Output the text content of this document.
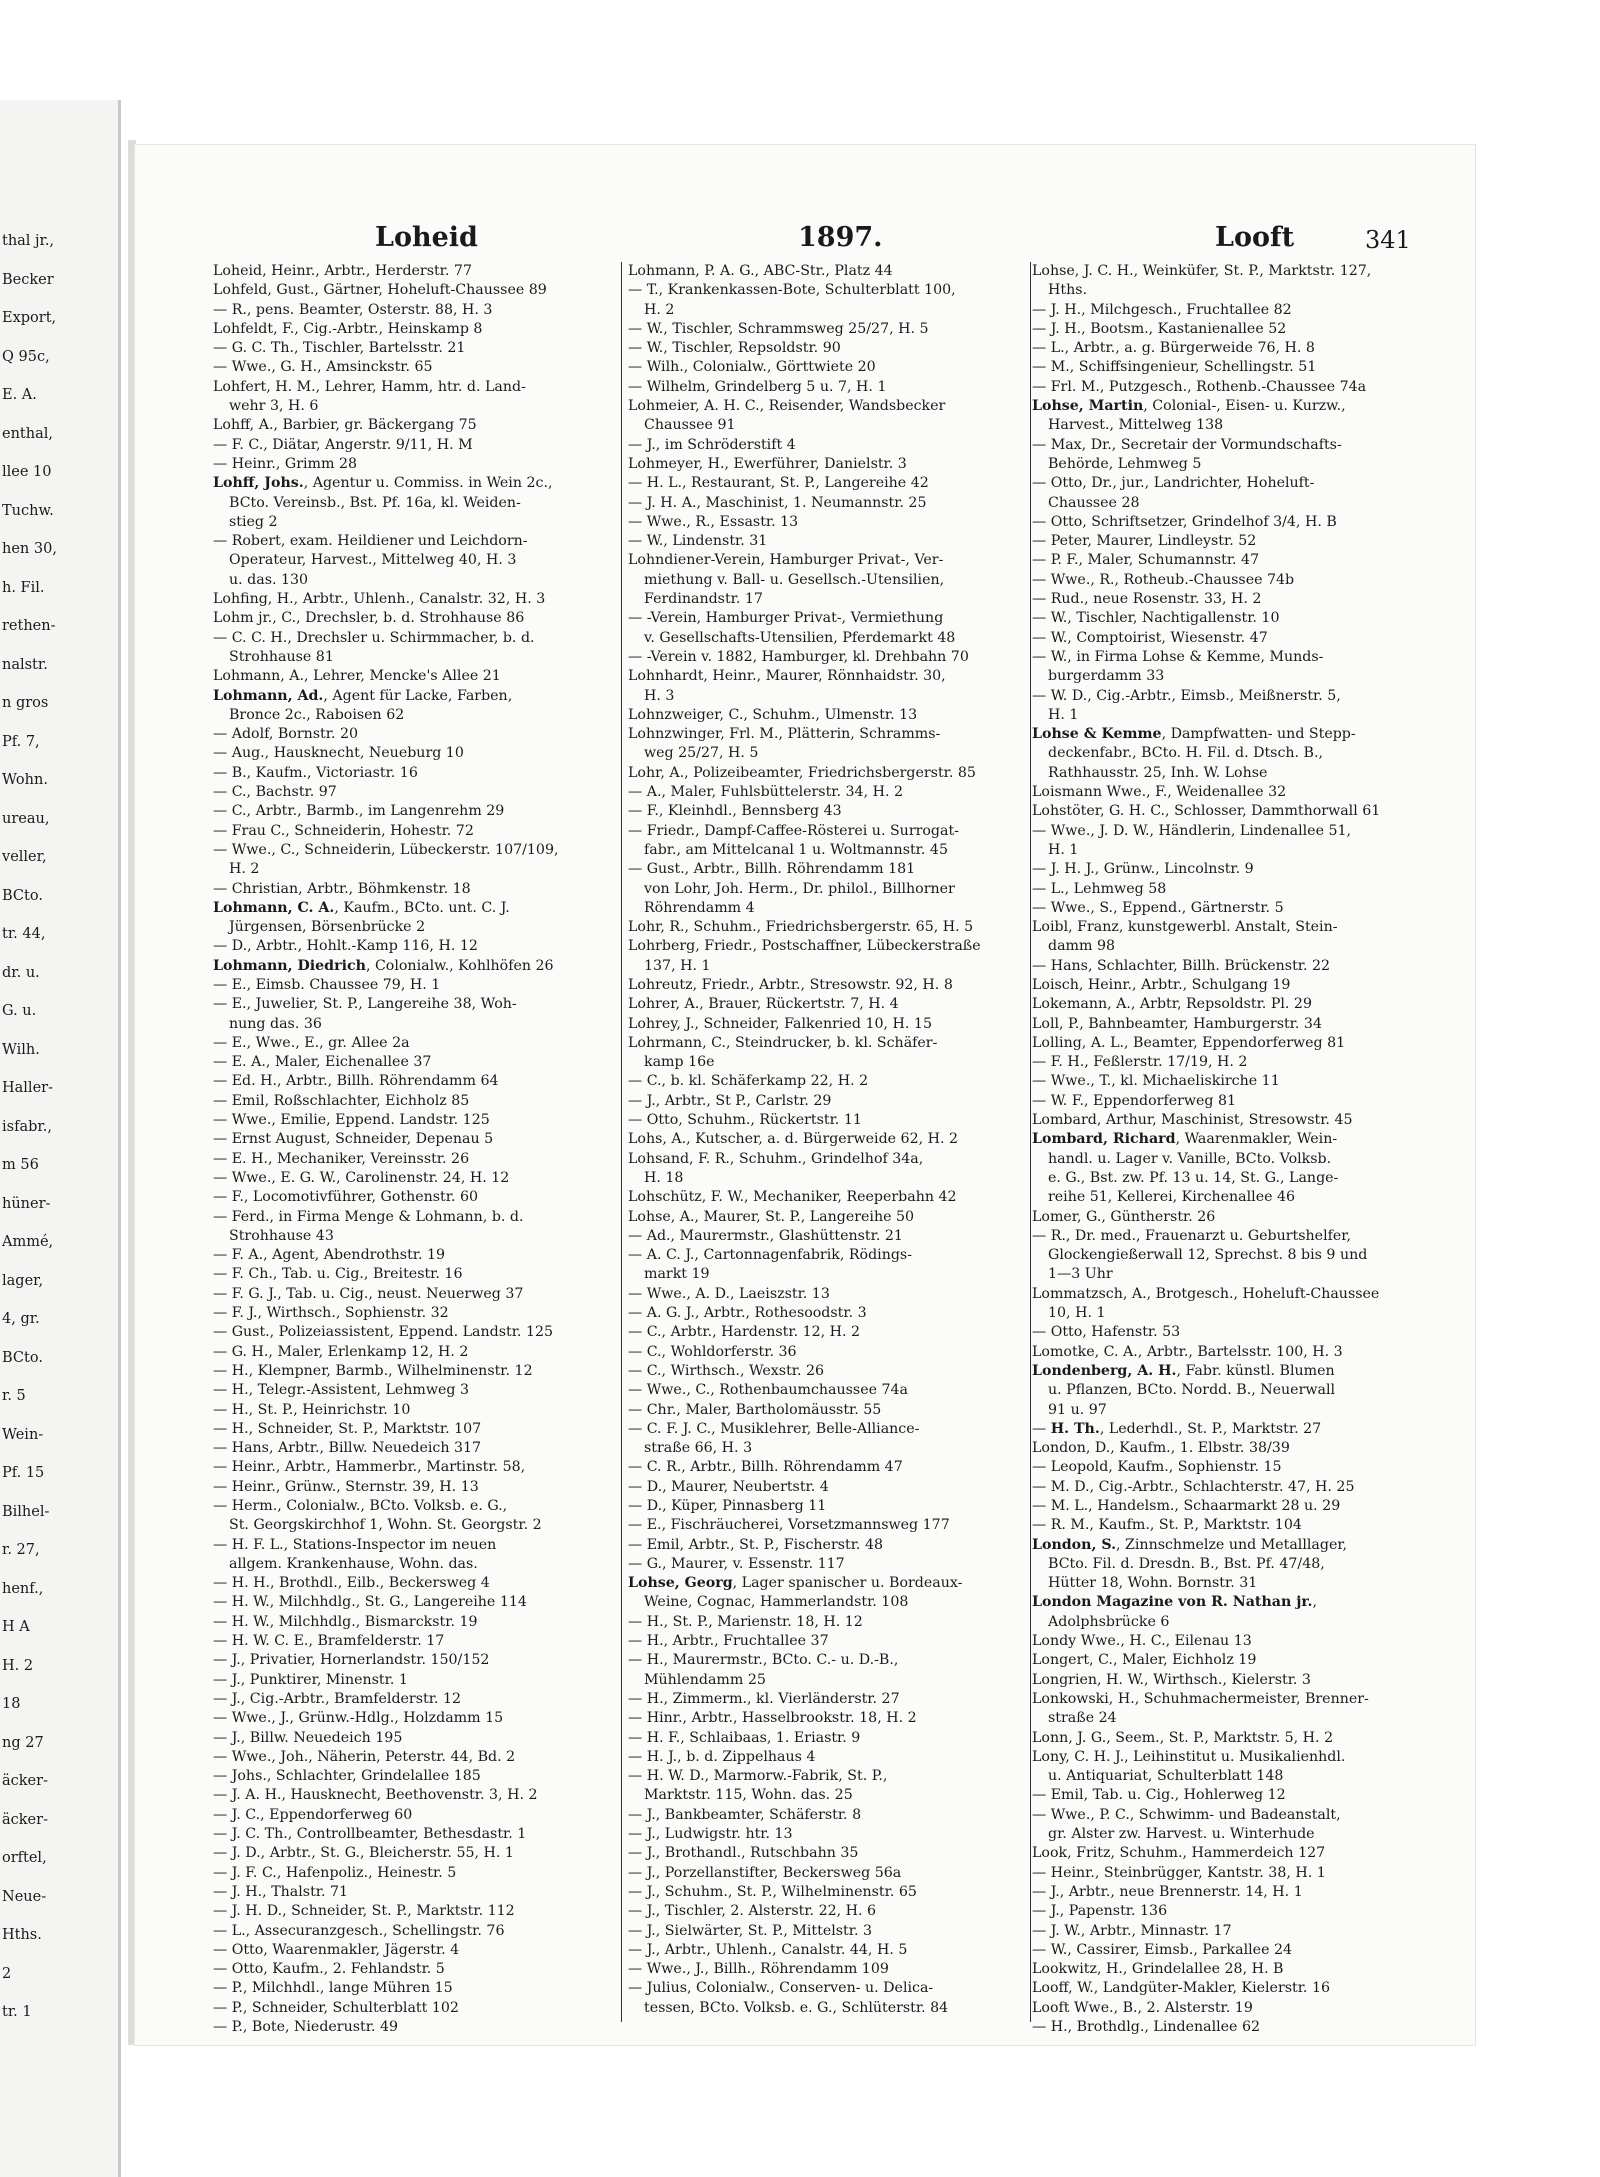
thal jr.,
Becker
Export,
Q 95c,
E. A.
enthal,
llee 10
Tuchw.
hen 30,
h. Fil.
rethen-
nalstr.
n gros
Pf. 7,
Wohn.
ureau,
veller,
BCto.
tr. 44,
dr. u.
G. u.
Wilh.
Haller-
isfabr.,
m 56
hüner-
Ammé,
lager,
4, gr.
BCto.
r. 5
Wein-
Pf. 15
Bilhel-
r. 27,
henf.,
H A
H. 2
18
ng 27
äcker-
äcker-
orftel,
Neue-
Hths.
2
tr. 1
Loheid	1897.	Looft	341
Loheid, Heinr., Arbtr., Herderstr. 77
Lohfeld, Gust., Gärtner, Hoheluft-Chaussee 89
— R., pens. Beamter, Osterstr. 88, H. 3
Lohfeldt, F., Cig.-Arbtr., Heinskamp 8
— G. C. Th., Tischler, Bartelsstr. 21
— Wwe., G. H., Amsinckstr. 65
Lohfert, H. M., Lehrer, Hamm, htr. d. Land-
wehr 3, H. 6
Lohff, A., Barbier, gr. Bäckergang 75
— F. C., Diätar, Angerstr. 9/11, H. M
— Heinr., Grimm 28
Lohff, Johs., Agentur u. Commiss. in Wein 2c.,
BCto. Vereinsb., Bst. Pf. 16a, kl. Weiden-
stieg 2
— Robert, exam. Heildiener und Leichdorn-
Operateur, Harvest., Mittelweg 40, H. 3
u. das. 130
Lohfing, H., Arbtr., Uhlenh., Canalstr. 32, H. 3
Lohm jr., C., Drechsler, b. d. Strohhause 86
— C. C. H., Drechsler u. Schirmmacher, b. d.
Strohhause 81
Lohmann, A., Lehrer, Mencke's Allee 21
Lohmann, Ad., Agent für Lacke, Farben,
Bronce 2c., Raboisen 62
— Adolf, Bornstr. 20
— Aug., Hausknecht, Neueburg 10
— B., Kaufm., Victoriastr. 16
— C., Bachstr. 97
— C., Arbtr., Barmb., im Langenrehm 29
— Frau C., Schneiderin, Hohestr. 72
— Wwe., C., Schneiderin, Lübeckerstr. 107/109,
H. 2
— Christian, Arbtr., Böhmkenstr. 18
Lohmann, C. A., Kaufm., BCto. unt. C. J.
Jürgensen, Börsenbrücke 2
— D., Arbtr., Hohlt.-Kamp 116, H. 12
Lohmann, Diedrich, Colonialw., Kohlhöfen 26
— E., Eimsb. Chaussee 79, H. 1
— E., Juwelier, St. P., Langereihe 38, Woh-
nung das. 36
— E., Wwe., E., gr. Allee 2a
— E. A., Maler, Eichenallee 37
— Ed. H., Arbtr., Billh. Röhrendamm 64
— Emil, Roßschlachter, Eichholz 85
— Wwe., Emilie, Eppend. Landstr. 125
— Ernst August, Schneider, Depenau 5
— E. H., Mechaniker, Vereinsstr. 26
— Wwe., E. G. W., Carolinenstr. 24, H. 12
— F., Locomotivführer, Gothenstr. 60
— Ferd., in Firma Menge & Lohmann, b. d.
Strohhause 43
— F. A., Agent, Abendrothstr. 19
— F. Ch., Tab. u. Cig., Breitestr. 16
— F. G. J., Tab. u. Cig., neust. Neuerweg 37
— F. J., Wirthsch., Sophienstr. 32
— Gust., Polizeiassistent, Eppend. Landstr. 125
— G. H., Maler, Erlenkamp 12, H. 2
— H., Klempner, Barmb., Wilhelminenstr. 12
— H., Telegr.-Assistent, Lehmweg 3
— H., St. P., Heinrichstr. 10
— H., Schneider, St. P., Marktstr. 107
— Hans, Arbtr., Billw. Neuedeich 317
— Heinr., Arbtr., Hammerbr., Martinstr. 58,
— Heinr., Grünw., Sternstr. 39, H. 13
— Herm., Colonialw., BCto. Volksb. e. G.,
St. Georgskirchhof 1, Wohn. St. Georgstr. 2
— H. F. L., Stations-Inspector im neuen
allgem. Krankenhause, Wohn. das.
— H. H., Brothdl., Eilb., Beckersweg 4
— H. W., Milchhdlg., St. G., Langereihe 114
— H. W., Milchhdlg., Bismarckstr. 19
— H. W. C. E., Bramfelderstr. 17
— J., Privatier, Hornerlandstr. 150/152
— J., Punktirer, Minenstr. 1
— J., Cig.-Arbtr., Bramfelderstr. 12
— Wwe., J., Grünw.-Hdlg., Holzdamm 15
— J., Billw. Neuedeich 195
— Wwe., Joh., Näherin, Peterstr. 44, Bd. 2
— Johs., Schlachter, Grindelallee 185
— J. A. H., Hausknecht, Beethovenstr. 3, H. 2
— J. C., Eppendorferweg 60
— J. C. Th., Controllbeamter, Bethesdastr. 1
— J. D., Arbtr., St. G., Bleicherstr. 55, H. 1
— J. F. C., Hafenpoliz., Heinestr. 5
— J. H., Thalstr. 71
— J. H. D., Schneider, St. P., Marktstr. 112
— L., Assecuranzgesch., Schellingstr. 76
— Otto, Waarenmakler, Jägerstr. 4
— Otto, Kaufm., 2. Fehlandstr. 5
— P., Milchhdl., lange Mühren 15
— P., Schneider, Schulterblatt 102
— P., Bote, Niederustr. 49
Lohmann, P. A. G., ABC-Str., Platz 44
— T., Krankenkassen-Bote, Schulterblatt 100,
H. 2
— W., Tischler, Schrammsweg 25/27, H. 5
— W., Tischler, Repsoldstr. 90
— Wilh., Colonialw., Görttwiete 20
— Wilhelm, Grindelberg 5 u. 7, H. 1
Lohmeier, A. H. C., Reisender, Wandsbecker
Chaussee 91
— J., im Schröderstift 4
Lohmeyer, H., Ewerführer, Danielstr. 3
— H. L., Restaurant, St. P., Langereihe 42
— J. H. A., Maschinist, 1. Neumannstr. 25
— Wwe., R., Essastr. 13
— W., Lindenstr. 31
Lohndiener-Verein, Hamburger Privat-, Ver-
miethung v. Ball- u. Gesellsch.-Utensilien,
Ferdinandstr. 17
— -Verein, Hamburger Privat-, Vermiethung
v. Gesellschafts-Utensilien, Pferdemarkt 48
— -Verein v. 1882, Hamburger, kl. Drehbahn 70
Lohnhardt, Heinr., Maurer, Rönnhaidstr. 30,
H. 3
Lohnzweiger, C., Schuhm., Ulmenstr. 13
Lohnzwinger, Frl. M., Plätterin, Schramms-
weg 25/27, H. 5
Lohr, A., Polizeibeamter, Friedrichsbergerstr. 85
— A., Maler, Fuhlsbüttelerstr. 34, H. 2
— F., Kleinhdl., Bennsberg 43
— Friedr., Dampf-Caffee-Rösterei u. Surrogat-
fabr., am Mittelcanal 1 u. Woltmannstr. 45
— Gust., Arbtr., Billh. Röhrendamm 181
von Lohr, Joh. Herm., Dr. philol., Billhorner
Röhrendamm 4
Lohr, R., Schuhm., Friedrichsbergerstr. 65, H. 5
Lohrberg, Friedr., Postschaffner, Lübeckerstraße
137, H. 1
Lohreutz, Friedr., Arbtr., Stresowstr. 92, H. 8
Lohrer, A., Brauer, Rückertstr. 7, H. 4
Lohrey, J., Schneider, Falkenried 10, H. 15
Lohrmann, C., Steindrucker, b. kl. Schäfer-
kamp 16e
— C., b. kl. Schäferkamp 22, H. 2
— J., Arbtr., St P., Carlstr. 29
— Otto, Schuhm., Rückertstr. 11
Lohs, A., Kutscher, a. d. Bürgerweide 62, H. 2
Lohsand, F. R., Schuhm., Grindelhof 34a,
H. 18
Lohschütz, F. W., Mechaniker, Reeperbahn 42
Lohse, A., Maurer, St. P., Langereihe 50
— Ad., Maurermstr., Glashüttenstr. 21
— A. C. J., Cartonnagenfabrik, Rödings-
markt 19
— Wwe., A. D., Laeiszstr. 13
— A. G. J., Arbtr., Rothesoodstr. 3
— C., Arbtr., Hardenstr. 12, H. 2
— C., Wohldorferstr. 36
— C., Wirthsch., Wexstr. 26
— Wwe., C., Rothenbaumchaussee 74a
— Chr., Maler, Bartholomäusstr. 55
— C. F. J. C., Musiklehrer, Belle-Alliance-
straße 66, H. 3
— C. R., Arbtr., Billh. Röhrendamm 47
— D., Maurer, Neubertstr. 4
— D., Küper, Pinnasberg 11
— E., Fischräucherei, Vorsetzmannsweg 177
— Emil, Arbtr., St. P., Fischerstr. 48
— G., Maurer, v. Essenstr. 117
Lohse, Georg, Lager spanischer u. Bordeaux-
Weine, Cognac, Hammerlandstr. 108
— H., St. P., Marienstr. 18, H. 12
— H., Arbtr., Fruchtallee 37
— H., Maurermstr., BCto. C.- u. D.-B.,
Mühlendamm 25
— H., Zimmerm., kl. Vierländerstr. 27
— Hinr., Arbtr., Hasselbrookstr. 18, H. 2
— H. F., Schlaibaas, 1. Eriastr. 9
— H. J., b. d. Zippelhaus 4
— H. W. D., Marmorw.-Fabrik, St. P.,
Marktstr. 115, Wohn. das. 25
— J., Bankbeamter, Schäferstr. 8
— J., Ludwigstr. htr. 13
— J., Brothandl., Rutschbahn 35
— J., Porzellanstifter, Beckersweg 56a
— J., Schuhm., St. P., Wilhelminenstr. 65
— J., Tischler, 2. Alsterstr. 22, H. 6
— J., Sielwärter, St. P., Mittelstr. 3
— J., Arbtr., Uhlenh., Canalstr. 44, H. 5
— Wwe., J., Billh., Röhrendamm 109
— Julius, Colonialw., Conserven- u. Delica-
tessen, BCto. Volksb. e. G., Schlüterstr. 84
Lohse, J. C. H., Weinküfer, St. P., Marktstr. 127,
Hths.
— J. H., Milchgesch., Fruchtallee 82
— J. H., Bootsm., Kastanienallee 52
— L., Arbtr., a. g. Bürgerweide 76, H. 8
— M., Schiffsingenieur, Schellingstr. 51
— Frl. M., Putzgesch., Rothenb.-Chaussee 74a
Lohse, Martin, Colonial-, Eisen- u. Kurzw.,
Harvest., Mittelweg 138
— Max, Dr., Secretair der Vormundschafts-
Behörde, Lehmweg 5
— Otto, Dr., jur., Landrichter, Hoheluft-
Chaussee 28
— Otto, Schriftsetzer, Grindelhof 3/4, H. B
— Peter, Maurer, Lindleystr. 52
— P. F., Maler, Schumannstr. 47
— Wwe., R., Rotheub.-Chaussee 74b
— Rud., neue Rosenstr. 33, H. 2
— W., Tischler, Nachtigallenstr. 10
— W., Comptoirist, Wiesenstr. 47
— W., in Firma Lohse & Kemme, Munds-
burgerdamm 33
— W. D., Cig.-Arbtr., Eimsb., Meißnerstr. 5,
H. 1
Lohse & Kemme, Dampfwatten- und Stepp-
deckenfabr., BCto. H. Fil. d. Dtsch. B.,
Rathhausstr. 25, Inh. W. Lohse
Loismann Wwe., F., Weidenallee 32
Lohstöter, G. H. C., Schlosser, Dammthorwall 61
— Wwe., J. D. W., Händlerin, Lindenallee 51,
H. 1
— J. H. J., Grünw., Lincolnstr. 9
— L., Lehmweg 58
— Wwe., S., Eppend., Gärtnerstr. 5
Loibl, Franz, kunstgewerbl. Anstalt, Stein-
damm 98
— Hans, Schlachter, Billh. Brückenstr. 22
Loisch, Heinr., Arbtr., Schulgang 19
Lokemann, A., Arbtr, Repsoldstr. Pl. 29
Loll, P., Bahnbeamter, Hamburgerstr. 34
Lolling, A. L., Beamter, Eppendorferweg 81
— F. H., Feßlerstr. 17/19, H. 2
— Wwe., T., kl. Michaeliskirche 11
— W. F., Eppendorferweg 81
Lombard, Arthur, Maschinist, Stresowstr. 45
Lombard, Richard, Waarenmakler, Wein-
handl. u. Lager v. Vanille, BCto. Volksb.
e. G., Bst. zw. Pf. 13 u. 14, St. G., Lange-
reihe 51, Kellerei, Kirchenallee 46
Lomer, G., Güntherstr. 26
— R., Dr. med., Frauenarzt u. Geburtshelfer,
Glockengießerwall 12, Sprechst. 8 bis 9 und
1—3 Uhr
Lommatzsch, A., Brotgesch., Hoheluft-Chaussee
10, H. 1
— Otto, Hafenstr. 53
Lomotke, C. A., Arbtr., Bartelsstr. 100, H. 3
Londenberg, A. H., Fabr. künstl. Blumen
u. Pflanzen, BCto. Nordd. B., Neuerwall
91 u. 97
— H. Th., Lederhdl., St. P., Marktstr. 27
London, D., Kaufm., 1. Elbstr. 38/39
— Leopold, Kaufm., Sophienstr. 15
— M. D., Cig.-Arbtr., Schlachterstr. 47, H. 25
— M. L., Handelsm., Schaarmarkt 28 u. 29
— R. M., Kaufm., St. P., Marktstr. 104
London, S., Zinnschmelze und Metalllager,
BCto. Fil. d. Dresdn. B., Bst. Pf. 47/48,
Hütter 18, Wohn. Bornstr. 31
London Magazine von R. Nathan jr.,
Adolphsbrücke 6
Londy Wwe., H. C., Eilenau 13
Longert, C., Maler, Eichholz 19
Longrien, H. W., Wirthsch., Kielerstr. 3
Lonkowski, H., Schuhmachermeister, Brenner-
straße 24
Lonn, J. G., Seem., St. P., Marktstr. 5, H. 2
Lony, C. H. J., Leihinstitut u. Musikalienhdl.
u. Antiquariat, Schulterblatt 148
— Emil, Tab. u. Cig., Hohlerweg 12
— Wwe., P. C., Schwimm- und Badeanstalt,
gr. Alster zw. Harvest. u. Winterhude
Look, Fritz, Schuhm., Hammerdeich 127
— Heinr., Steinbrügger, Kantstr. 38, H. 1
— J., Arbtr., neue Brennerstr. 14, H. 1
— J., Papenstr. 136
— J. W., Arbtr., Minnastr. 17
— W., Cassirer, Eimsb., Parkallee 24
Lookwitz, H., Grindelallee 28, H. B
Looff, W., Landgüter-Makler, Kielerstr. 16
Looft Wwe., B., 2. Alsterstr. 19
— H., Brothdlg., Lindenallee 62
